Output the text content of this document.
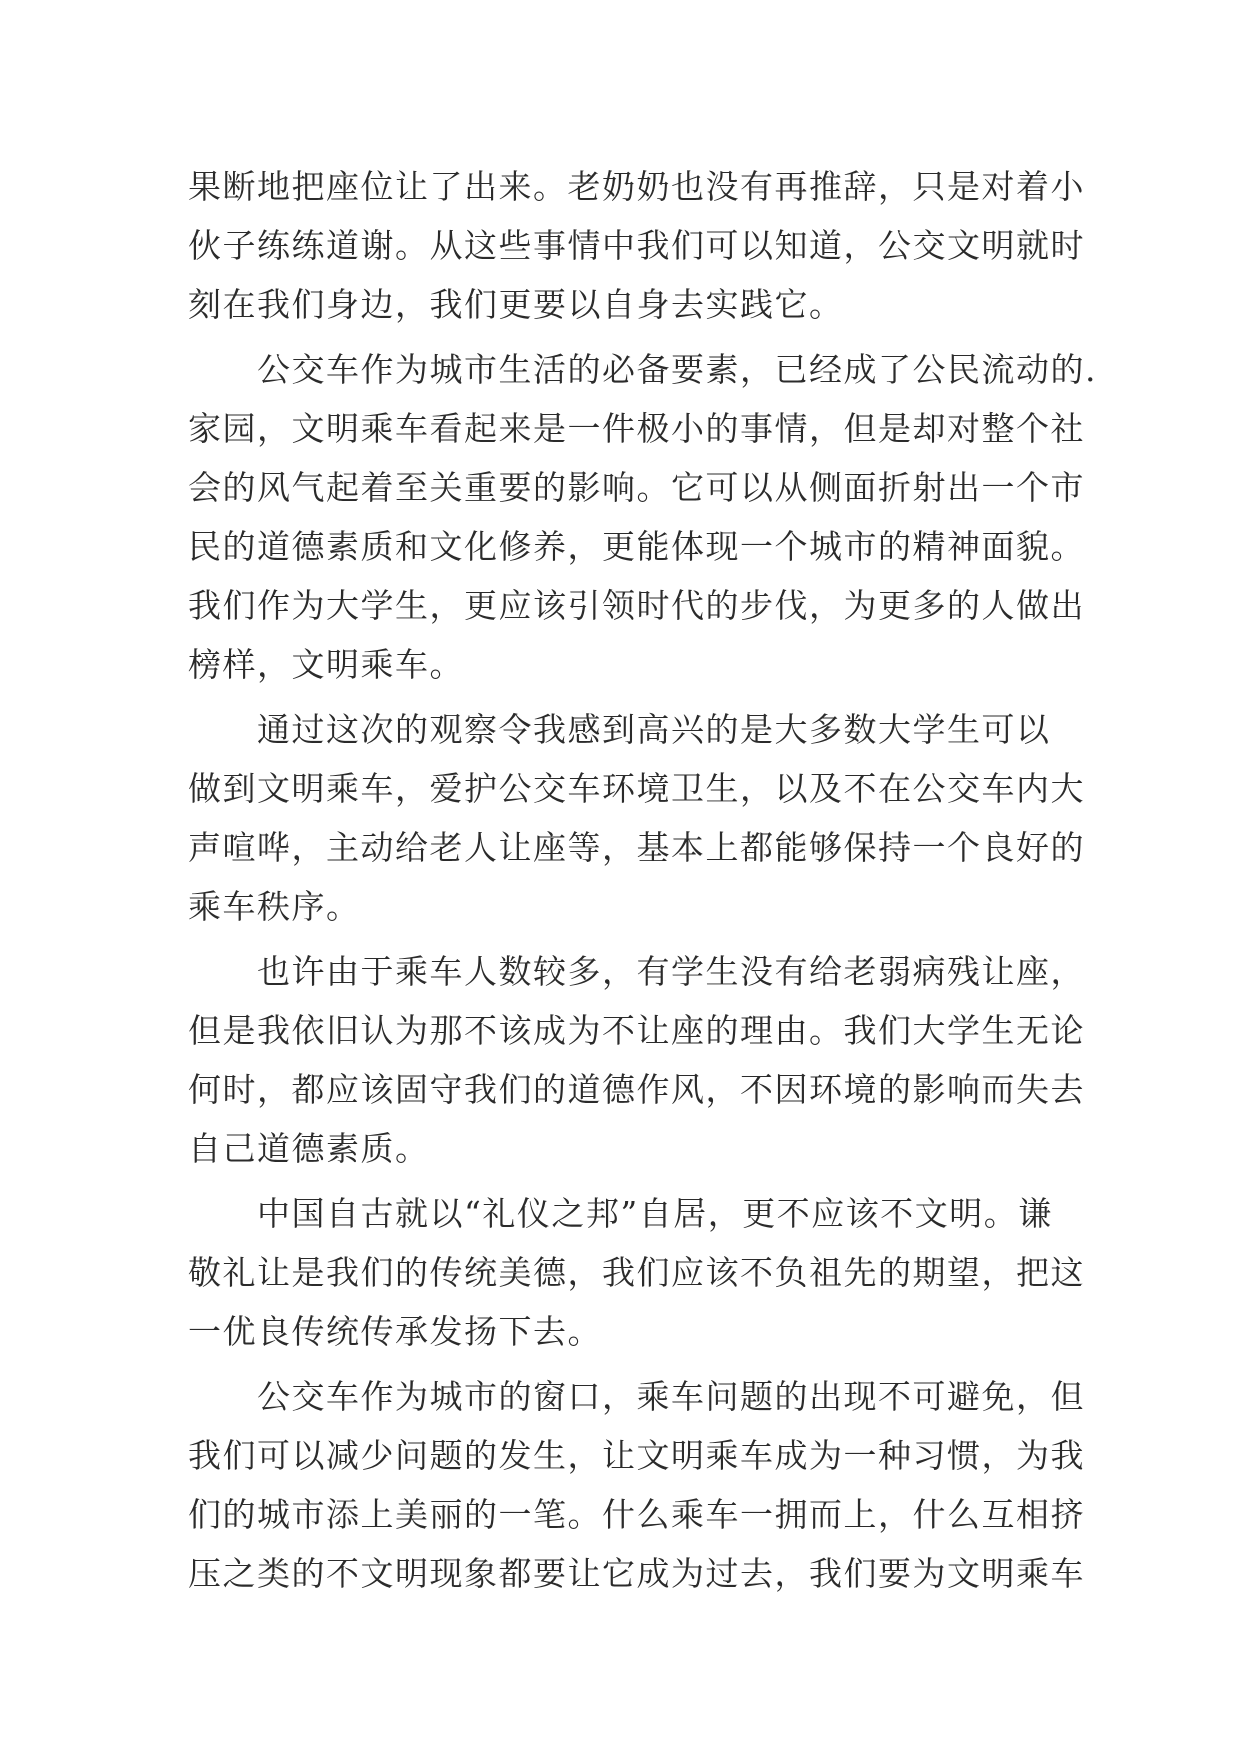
果断地把座位让了出来。老奶奶也没有再推辞，只是对着小
伙子练练道谢。从这些事情中我们可以知道，公交文明就时
刻在我们身边，我们更要以自身去实践它。
　　公交车作为城市生活的必备要素，已经成了公民流动的.
家园，文明乘车看起来是一件极小的事情，但是却对整个社
会的风气起着至关重要的影响。它可以从侧面折射出一个市
民的道德素质和文化修养，更能体现一个城市的精神面貌。
我们作为大学生，更应该引领时代的步伐，为更多的人做出
榜样，文明乘车。
　　通过这次的观察令我感到高兴的是大多数大学生可以
做到文明乘车，爱护公交车环境卫生，以及不在公交车内大
声喧哗，主动给老人让座等，基本上都能够保持一个良好的
乘车秩序。
　　也许由于乘车人数较多，有学生没有给老弱病残让座，
但是我依旧认为那不该成为不让座的理由。我们大学生无论
何时，都应该固守我们的道德作风，不因环境的影响而失去
自己道德素质。
　　中国自古就以“礼仪之邦”自居，更不应该不文明。谦
敬礼让是我们的传统美德，我们应该不负祖先的期望，把这
一优良传统传承发扬下去。
　　公交车作为城市的窗口，乘车问题的出现不可避免，但
我们可以减少问题的发生，让文明乘车成为一种习惯，为我
们的城市添上美丽的一笔。什么乘车一拥而上，什么互相挤
压之类的不文明现象都要让它成为过去，我们要为文明乘车
